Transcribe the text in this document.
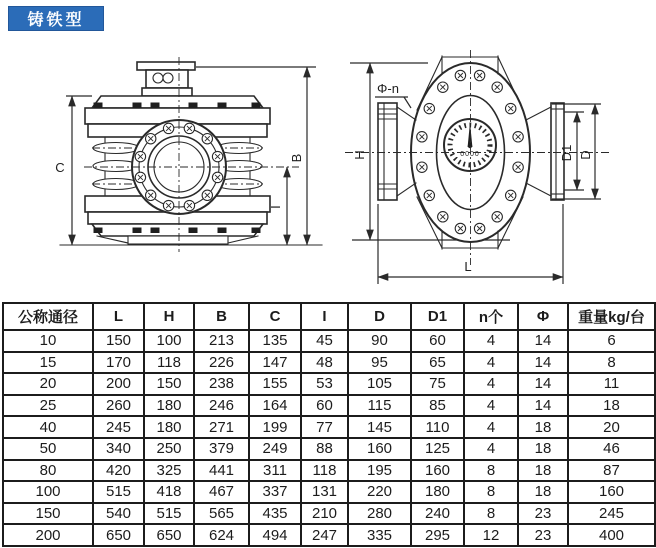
铸铁型
C
B
I
0000
Φ-n
H	D1 D
L
公称通径	L	H	B	C	I	D	D1	n个	Φ	重量kg/台
10	150	100	213	135	45	90	60	4	14	6
15	170	118	226	147	48	95	65	4	14	8
20	200	150	238	155	53	105	75	4	14	11
25	260	180	246	164	60	115	85	4	14	18
40	245	180	271	199	77	145	110	4	18	20
50	340	250	379	249	88	160	125	4	18	46
80	420	325	441	311	118	195	160	8	18	87
100	515	418	467	337	131	220	180	8	18	160
150	540	515	565	435	210	280	240	8	23	245
200	650	650	624	494	247	335	295	12	23	400
